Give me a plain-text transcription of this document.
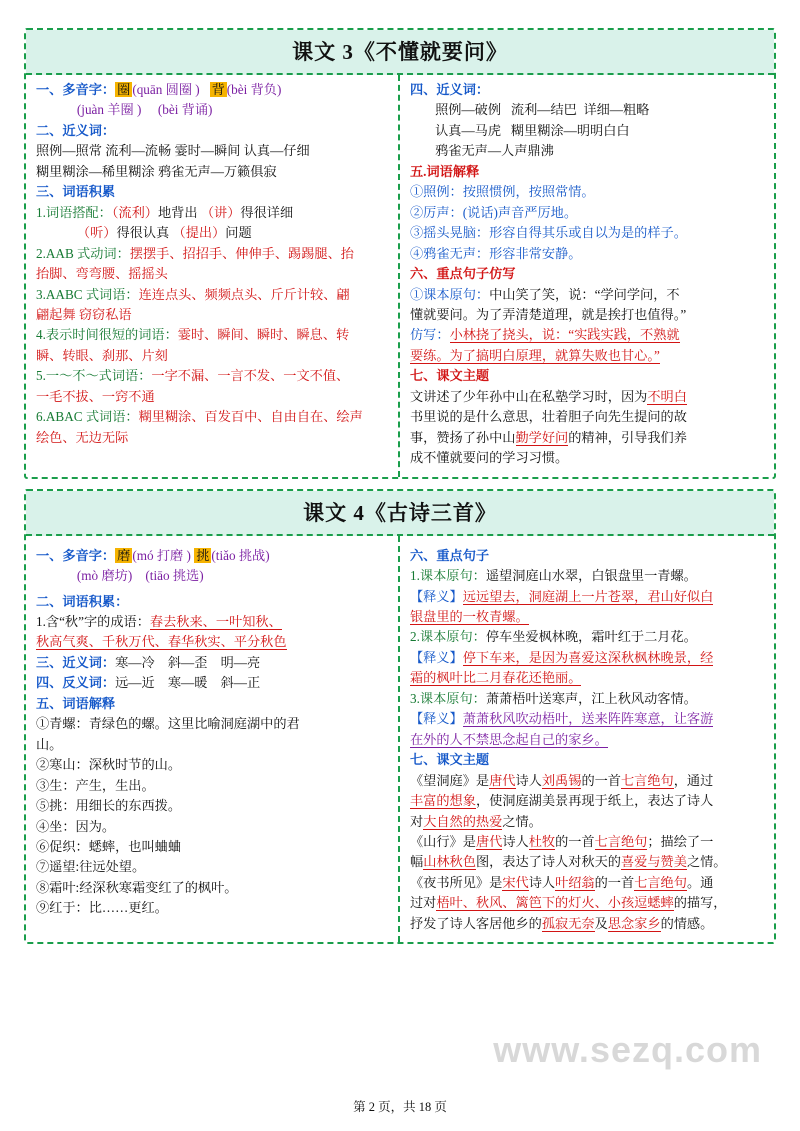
课文 3《不懂就要问》

一、多音字： 圈 (quān 圆圈 ) 背 (bèi 背负)

(juàn 羊圈 ) (bèi 背诵)

二、近义词：

照例—照常 流利—流畅 霎时—瞬间 认真—仔细

糊里糊涂—稀里糊涂 鸦雀无声—万籁俱寂

三、词语积累

1.词语搭配：（流利）地背出 （讲）得很详细

（听）得很认真 （提出）问题

2.AAB 式动词：摆摆手、招招手、伸伸手、踢踢腿、抬

抬脚、弯弯腰、摇摇头

3.AABC 式词语：连连点头、频频点头、斤斤计较、翩

翩起舞 窃窃私语

4.表示时间很短的词语：霎时、瞬间、瞬时、瞬息、转

瞬、转眼、刹那、片刻

5.一～不～式词语：一字不漏、一言不发、一文不值、

一毛不拔、一窍不通

6.ABAC 式词语：糊里糊涂、百发百中、自由自在、绘声

绘色、无边无际

四、近义词：

照例—破例 流利—结巴 详细—粗略

认真—马虎 糊里糊涂—明明白白

鸦雀无声—人声鼎沸

五.词语解释

①照例：按照惯例，按照常情。

②厉声：(说话)声音严厉地。

③摇头晃脑：形容自得其乐或自以为是的样子。

④鸦雀无声：形容非常安静。

六、重点句子仿写

①课本原句：中山笑了笑，说：“学问学问，不

懂就要问。为了弄清楚道理，就是挨打也值得。”

仿写：小林挠了挠头，说：“实践实践，不熟就

要练。为了搞明白原理，就算失败也甘心。”

七、课文主题

文讲述了少年孙中山在私塾学习时，因为不明白

书里说的是什么意思，壮着胆子向先生提问的故

事，赞扬了孙中山勤学好问的精神，引导我们养

成不懂就要问的学习习惯。

课文 4《古诗三首》

一、多音字： 磨 (mó 打磨 ) 挑 (tiǎo 挑战)

(mò 磨坊) (tiāo 挑选)

二、词语积累：

1.含“秋”字的成语：春去秋来、一叶知秋、

秋高气爽、千秋万代、春华秋实、平分秋色

三、近义词：寒—冷 斜—歪 明—亮

四、反义词：远—近 寒—暖 斜—正

五、词语解释

①青螺：青绿色的螺。这里比喻洞庭湖中的君

山。

②寒山：深秋时节的山。

③生：产生，生出。

⑤挑：用细长的东西拨。

④坐：因为。

⑥促织：蟋蟀，也叫蛐蛐

⑦遥望:往远处望。

⑧霜叶:经深秋寒霜变红了的枫叶。

⑨红于：比……更红。

六、重点句子

1.课本原句：遥望洞庭山水翠，白银盘里一青螺。

【释义】远远望去，洞庭湖上一片苍翠，君山好似白

银盘里的一枚青螺。

2.课本原句：停车坐爱枫林晚，霜叶红于二月花。

【释义】停下车来，是因为喜爱这深秋枫林晚景，经

霜的枫叶比二月春花还艳丽。

3.课本原句：萧萧梧叶送寒声，江上秋风动客情。

【释义】萧萧秋风吹动梧叶，送来阵阵寒意，让客游

在外的人不禁思念起自己的家乡。

七、课文主题

《望洞庭》是唐代诗人刘禹锡的一首七言绝句，通过

丰富的想象，使洞庭湖美景再现于纸上，表达了诗人

对大自然的热爱之情。

《山行》是唐代诗人杜牧的一首七言绝句；描绘了一

幅山林秋色图，表达了诗人对秋天的喜爱与赞美之情。

《夜书所见》是宋代诗人叶绍翁的一首七言绝句。通

过对梧叶、秋风、篱笆下的灯火、小孩逗蟋蟀的描写，

抒发了诗人客居他乡的孤寂无奈及思念家乡的情感。

www.sezq.com
第 2 页，共 18 页
